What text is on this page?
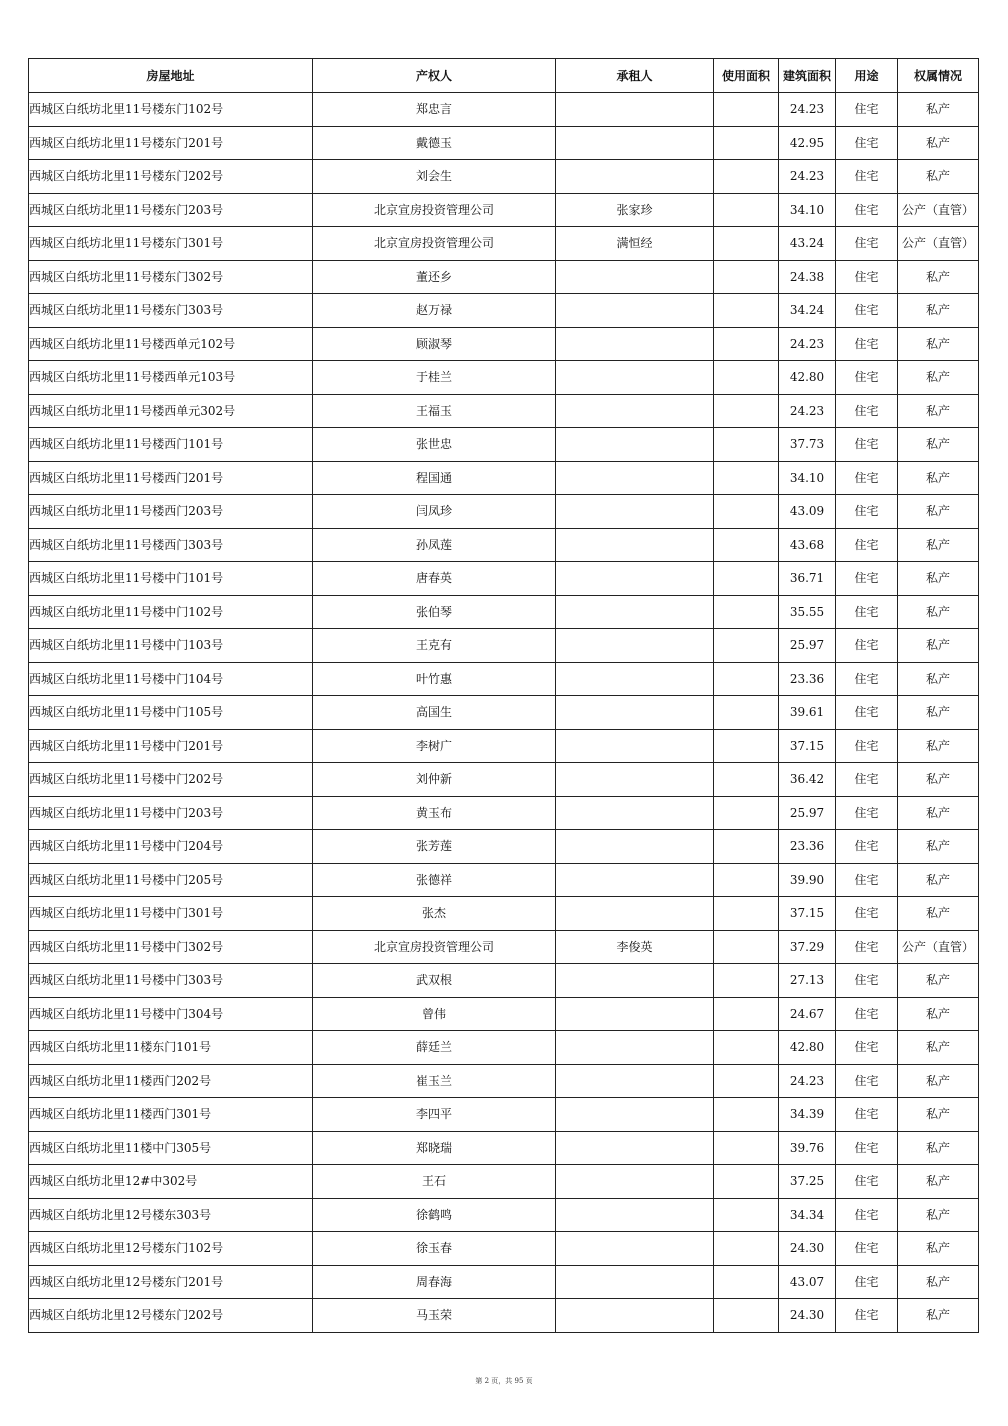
房屋地址	产权人	承租人	使用面积	建筑面积	用途	权属情况
西城区白纸坊北里11号楼东门102号	郑忠言			24.23	住宅	私产
西城区白纸坊北里11号楼东门201号	戴德玉			42.95	住宅	私产
西城区白纸坊北里11号楼东门202号	刘会生			24.23	住宅	私产
西城区白纸坊北里11号楼东门203号	北京宣房投资管理公司	张家珍		34.10	住宅	公产（直管）
西城区白纸坊北里11号楼东门301号	北京宣房投资管理公司	满恒经		43.24	住宅	公产（直管）
西城区白纸坊北里11号楼东门302号	董还乡			24.38	住宅	私产
西城区白纸坊北里11号楼东门303号	赵万禄			34.24	住宅	私产
西城区白纸坊北里11号楼西单元102号	顾淑琴			24.23	住宅	私产
西城区白纸坊北里11号楼西单元103号	于桂兰			42.80	住宅	私产
西城区白纸坊北里11号楼西单元302号	王福玉			24.23	住宅	私产
西城区白纸坊北里11号楼西门101号	张世忠			37.73	住宅	私产
西城区白纸坊北里11号楼西门201号	程国通			34.10	住宅	私产
西城区白纸坊北里11号楼西门203号	闫凤珍			43.09	住宅	私产
西城区白纸坊北里11号楼西门303号	孙凤莲			43.68	住宅	私产
西城区白纸坊北里11号楼中门101号	唐春英			36.71	住宅	私产
西城区白纸坊北里11号楼中门102号	张伯琴			35.55	住宅	私产
西城区白纸坊北里11号楼中门103号	王克有			25.97	住宅	私产
西城区白纸坊北里11号楼中门104号	叶竹惠			23.36	住宅	私产
西城区白纸坊北里11号楼中门105号	高国生			39.61	住宅	私产
西城区白纸坊北里11号楼中门201号	李树广			37.15	住宅	私产
西城区白纸坊北里11号楼中门202号	刘仲新			36.42	住宅	私产
西城区白纸坊北里11号楼中门203号	黄玉布			25.97	住宅	私产
西城区白纸坊北里11号楼中门204号	张芳莲			23.36	住宅	私产
西城区白纸坊北里11号楼中门205号	张德祥			39.90	住宅	私产
西城区白纸坊北里11号楼中门301号	张杰			37.15	住宅	私产
西城区白纸坊北里11号楼中门302号	北京宣房投资管理公司	李俊英		37.29	住宅	公产（直管）
西城区白纸坊北里11号楼中门303号	武双根			27.13	住宅	私产
西城区白纸坊北里11号楼中门304号	曾伟			24.67	住宅	私产
西城区白纸坊北里11楼东门101号	薛廷兰			42.80	住宅	私产
西城区白纸坊北里11楼西门202号	崔玉兰			24.23	住宅	私产
西城区白纸坊北里11楼西门301号	李四平			34.39	住宅	私产
西城区白纸坊北里11楼中门305号	郑晓瑞			39.76	住宅	私产
西城区白纸坊北里12#中302号	王石			37.25	住宅	私产
西城区白纸坊北里12号楼东303号	徐鹤鸣			34.34	住宅	私产
西城区白纸坊北里12号楼东门102号	徐玉春			24.30	住宅	私产
西城区白纸坊北里12号楼东门201号	周春海			43.07	住宅	私产
西城区白纸坊北里12号楼东门202号	马玉荣			24.30	住宅	私产
第 2 页，共 95 页
